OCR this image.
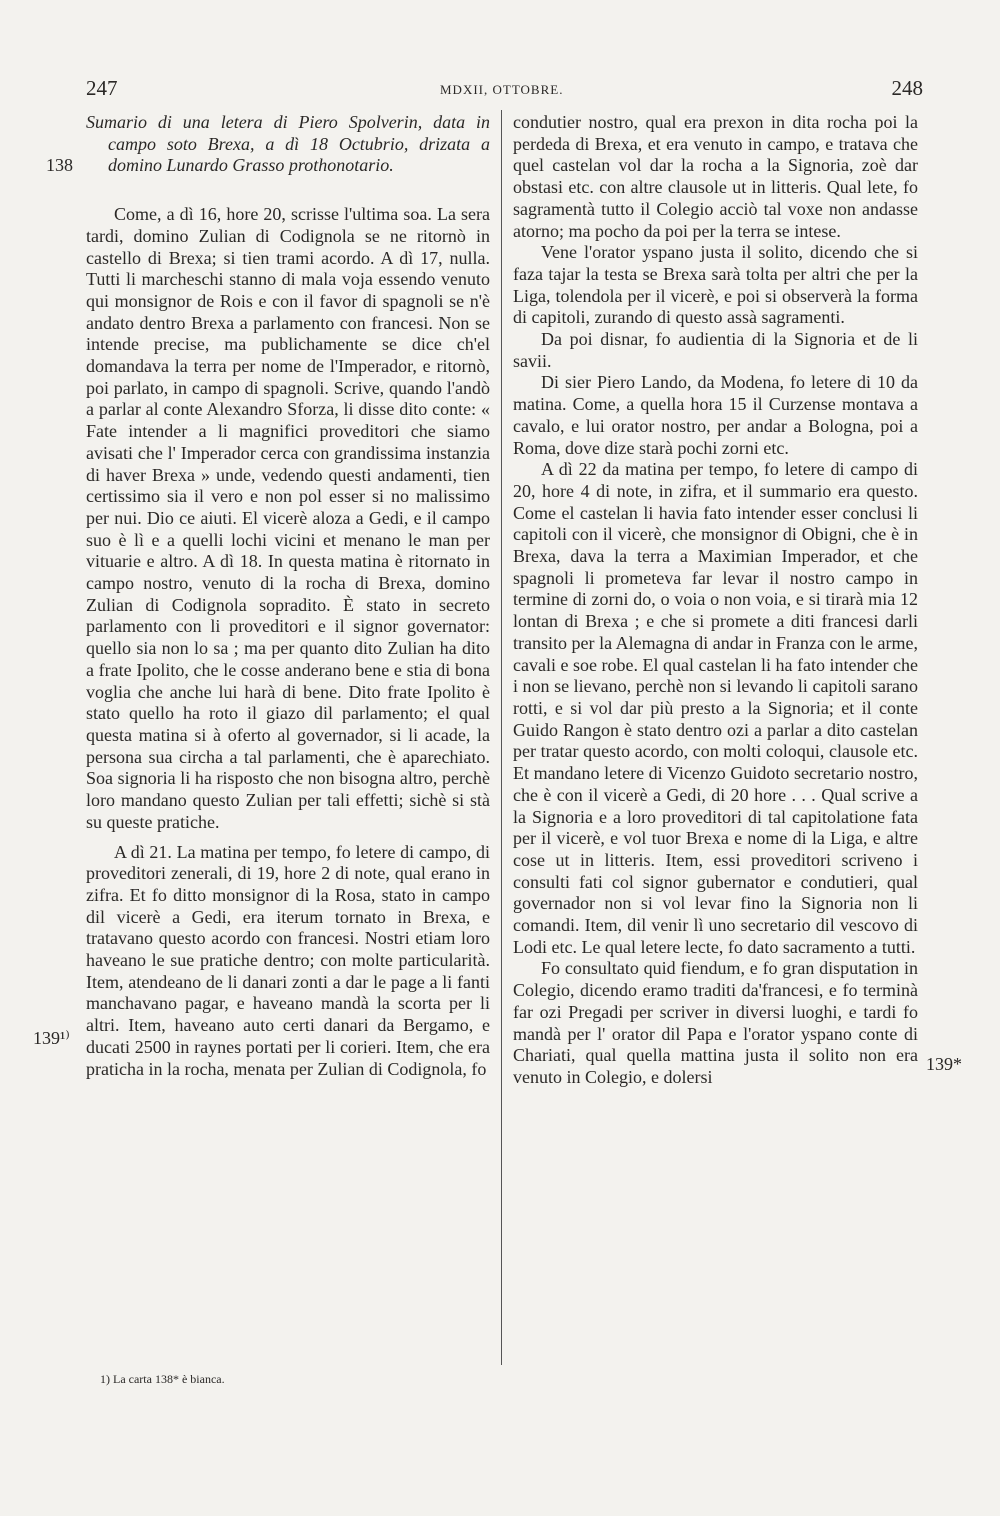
247	MDXII, OTTOBRE.	248
138
139¹⁾
139*

Sumario di una letera di Piero Spolverin, data in campo soto Brexa, a dì 18 Octubrio, drizata a domino Lunardo Grasso prothonotario.

Come, a dì 16, hore 20, scrisse l'ultima soa. La sera tardi, domino Zulian di Codignola se ne ritornò in castello di Brexa; si tien trami acordo. A dì 17, nulla. Tutti li marcheschi stanno di mala voja essendo venuto qui monsignor de Rois e con il favor di spagnoli se n'è andato dentro Brexa a parlamento con francesi. Non se intende precise, ma publichamente se dice ch'el domandava la terra per nome de l'Imperador, e ritornò, poi parlato, in campo di spagnoli. Scrive, quando l'andò a parlar al conte Alexandro Sforza, li disse dito conte: « Fate intender a li magnifici proveditori che siamo avisati che l' Imperador cerca con grandissima instanzia di haver Brexa » unde, vedendo questi andamenti, tien certissimo sia il vero e non pol esser si no malissimo per nui. Dio ce aiuti. El vicerè aloza a Gedi, e il campo suo è lì e a quelli lochi vicini et menano le man per vituarie e altro. A dì 18. In questa matina è ritornato in campo nostro, venuto di la rocha di Brexa, domino Zulian di Codignola sopradito. È stato in secreto parlamento con li proveditori e il signor governator: quello sia non lo sa ; ma per quanto dito Zulian ha dito a frate Ipolito, che le cosse anderano bene e stia di bona voglia che anche lui harà di bene. Dito frate Ipolito è stato quello ha roto il giazo dil parlamento; el qual questa matina si à oferto al governador, si li acade, la persona sua circha a tal parlamenti, che è aparechiato. Soa signoria li ha risposto che non bisogna altro, perchè loro mandano questo Zulian per tali effetti; sichè si stà su queste pratiche.

A dì 21. La matina per tempo, fo letere di campo, di proveditori zenerali, di 19, hore 2 di note, qual erano in zifra. Et fo ditto monsignor di la Rosa, stato in campo dil vicerè a Gedi, era iterum tornato in Brexa, e tratavano questo acordo con francesi. Nostri etiam loro haveano le sue pratiche dentro; con molte particularità. Item, atendeano de li danari zonti a dar le page a li fanti manchavano pagar, e haveano mandà la scorta per li altri. Item, haveano auto certi danari da Bergamo, e ducati 2500 in raynes portati per li corieri. Item, che era praticha in la rocha, menata per Zulian di Codignola, fo

condutier nostro, qual era prexon in dita rocha poi la perdeda di Brexa, et era venuto in campo, e tratava che quel castelan vol dar la rocha a la Signoria, zoè dar obstasi etc. con altre clausole ut in litteris. Qual lete, fo sagramentà tutto il Colegio acciò tal voxe non andasse atorno; ma pocho da poi per la terra se intese.

Vene l'orator yspano justa il solito, dicendo che si faza tajar la testa se Brexa sarà tolta per altri che per la Liga, tolendola per il vicerè, e poi si observerà la forma di capitoli, zurando di questo assà sagramenti.

Da poi disnar, fo audientia di la Signoria et de li savii.

Di sier Piero Lando, da Modena, fo letere di 10 da matina. Come, a quella hora 15 il Curzense montava a cavalo, e lui orator nostro, per andar a Bologna, poi a Roma, dove dize starà pochi zorni etc.

A dì 22 da matina per tempo, fo letere di campo di 20, hore 4 di note, in zifra, et il summario era questo. Come el castelan li havia fato intender esser conclusi li capitoli con il vicerè, che monsignor di Obigni, che è in Brexa, dava la terra a Maximian Imperador, et che spagnoli li prometeva far levar il nostro campo in termine di zorni do, o voia o non voia, e si tirarà mia 12 lontan di Brexa ; e che si promete a diti francesi darli transito per la Alemagna di andar in Franza con le arme, cavali e soe robe. El qual castelan li ha fato intender che i non se lievano, perchè non si levando li capitoli sarano rotti, e si vol dar più presto a la Signoria; et il conte Guido Rangon è stato dentro ozi a parlar a dito castelan per tratar questo acordo, con molti coloqui, clausole etc. Et mandano letere di Vicenzo Guidoto secretario nostro, che è con il vicerè a Gedi, di 20 hore . . . Qual scrive a la Signoria e a loro proveditori di tal capitolatione fata per il vicerè, e vol tuor Brexa e nome di la Liga, e altre cose ut in litteris. Item, essi proveditori scriveno i consulti fati col signor gubernator e condutieri, qual governador non si vol levar fino la Signoria non li comandi. Item, dil venir lì uno secretario dil vescovo di Lodi etc. Le qual letere lecte, fo dato sacramento a tutti.

Fo consultato quid fiendum, e fo gran disputation in Colegio, dicendo eramo traditi da'francesi, e fo terminà far ozi Pregadi per scriver in diversi luoghi, e tardi fo mandà per l' orator dil Papa e l'orator yspano conte di Chariati, qual quella mattina justa il solito non era venuto in Colegio, e dolersi

1) La carta 138* è bianca.
